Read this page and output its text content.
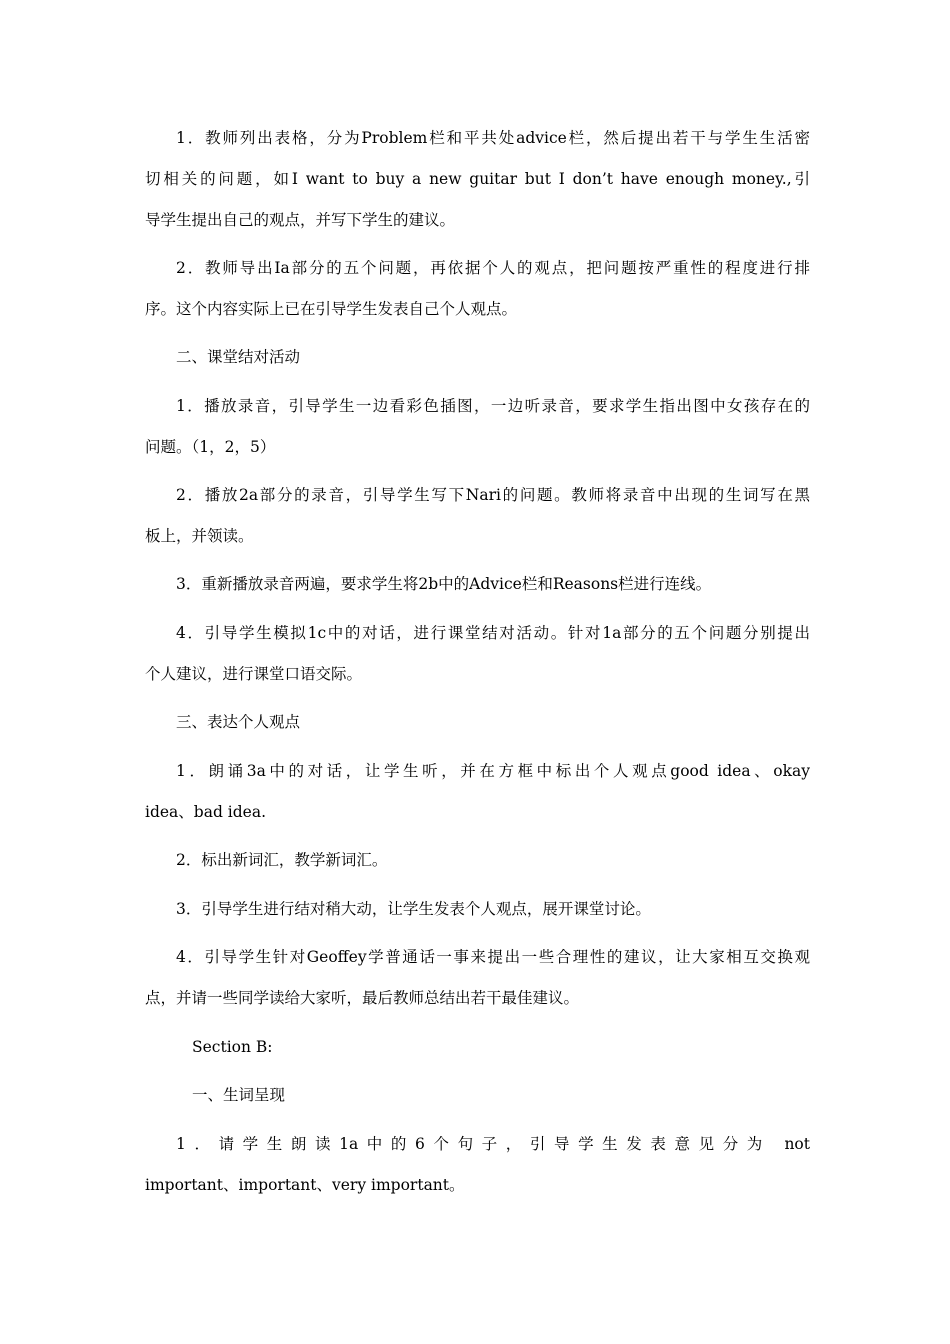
1．教师列出表格，分为Problem栏和平共处advice栏，然后提出若干与学生生活密
切相关的问题，如I want to buy a new guitar but I don’t have enough money.,引
导学生提出自己的观点，并写下学生的建议。
2．教师导出Ia部分的五个问题，再依据个人的观点，把问题按严重性的程度进行排
序。这个内容实际上已在引导学生发表自己个人观点。
二、课堂结对活动
1．播放录音，引导学生一边看彩色插图，一边听录音，要求学生指出图中女孩存在的
问题。（1，2，5）
2．播放2a部分的录音，引导学生写下Nari的问题。教师将录音中出现的生词写在黑
板上，并领读。
3．重新播放录音两遍，要求学生将2b中的Advice栏和Reasons栏进行连线。
4．引导学生模拟1c中的对话，进行课堂结对活动。针对1a部分的五个问题分别提出
个人建议，进行课堂口语交际。
三、表达个人观点
1．朗诵3a中的对话，让学生听，并在方框中标出个人观点good idea、okay
idea、bad idea.
2．标出新词汇，教学新词汇。
3．引导学生进行结对稍大动，让学生发表个人观点，展开课堂讨论。
4．引导学生针对Geoffey学普通话一事来提出一些合理性的建议，让大家相互交换观
点，并请一些同学读给大家听，最后教师总结出若干最佳建议。
Section B:
一、生词呈现
1．请学生朗读1a中的6个句子，引导学生发表意见分为 not
important、important、very important。
